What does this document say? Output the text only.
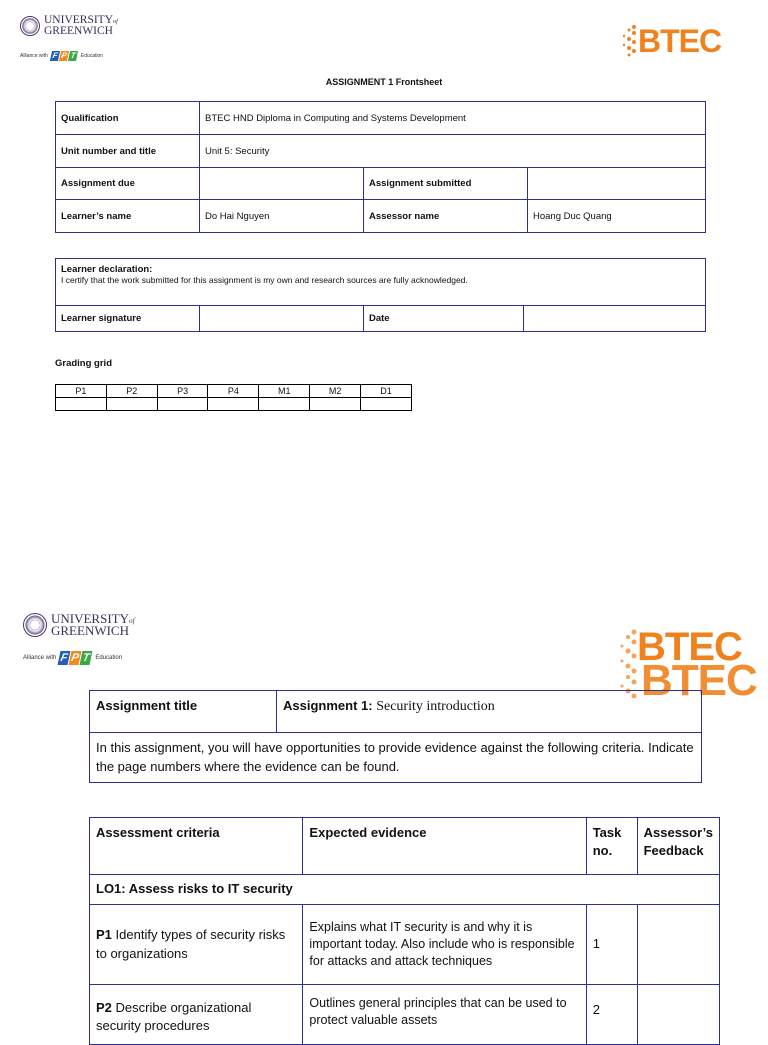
UNIVERSITYof
GREENWICH
Alliance with F P T Education	BTEC
ASSIGNMENT 1 Frontsheet
Qualification	BTEC HND Diploma in Computing and Systems Development		
Unit number and title	Unit 5: Security		
Assignment due		Assignment submitted	
Learner’s name	Do Hai Nguyen	Assessor name	Hoang Duc Quang
Learner declaration:
I certify that the work submitted for this assignment is my own and research sources are fully acknowledged.

Learner signature		Date	
Grading grid
P1	P2	P3	P4	M1	M2	D1

UNIVERSITYof
GREENWICH
Alliance with F P T Education	BTEC
BTEC
Assignment title	Assignment 1: Security introduction
In this assignment, you will have opportunities to provide evidence against the following criteria. Indicate the page numbers where the evidence can be found.
Assessment criteria	Expected evidence	Task no.	Assessor’s Feedback
LO1: Assess risks to IT security			
P1 Identify types of security risks to organizations	Explains what IT security is and why it is important today. Also include who is responsible for attacks and attack techniques	1	
P2 Describe organizational security procedures	Outlines general principles that can be used to protect valuable assets	2	
